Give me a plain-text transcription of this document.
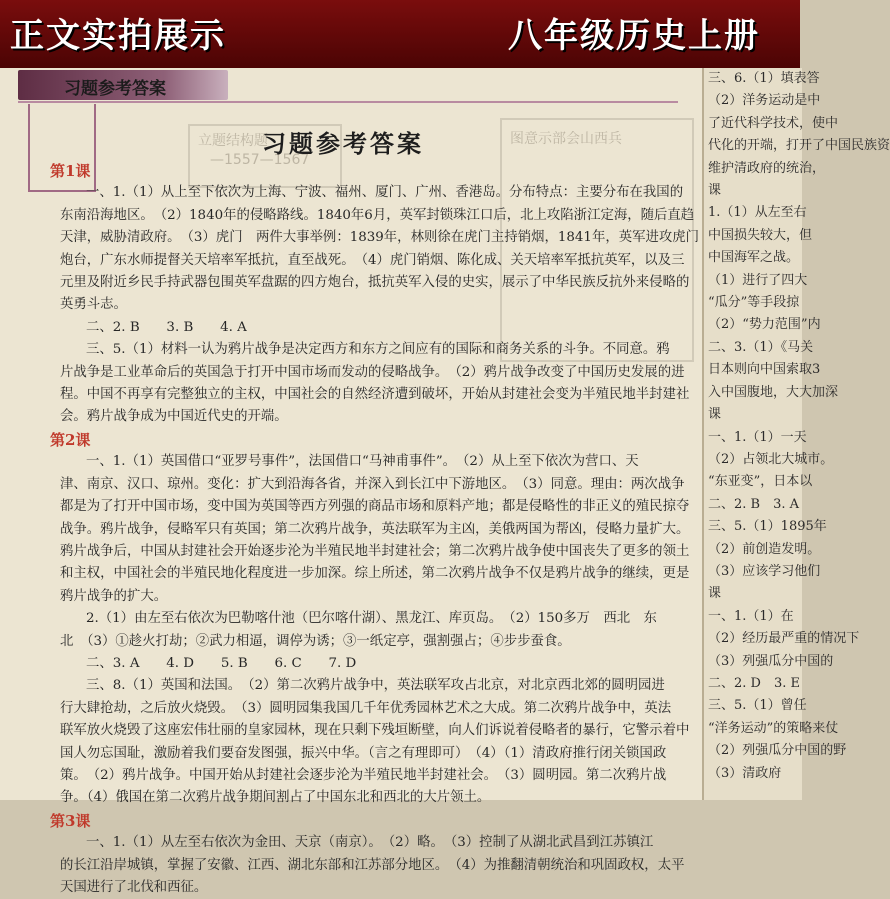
正文实拍展示	八年级历史上册
习题参考答案
立题结构题
—1557—1567
图意示部会山西兵
习题参考答案
第1课
一、1.（1）从上至下依次为上海、宁波、福州、厦门、广州、香港岛。分布特点：主要分布在我国的
东南沿海地区。　（2）1840年的侵略路线。1840年6月，英军封锁珠江口后，北上攻陷浙江定海，随后直趋
天津，威胁清政府。　（3）虎门　两件大事举例：1839年，林则徐在虎门主持销烟，1841年，英军进攻虎门
炮台，广东水师提督关天培率军抵抗，直至战死。　（4）虎门销烟、陈化成、关天培率军抵抗英军，以及三
元里及附近乡民手持武器包围英军盘踞的四方炮台，抵抗英军入侵的史实，展示了中华民族反抗外来侵略的
英勇斗志。
二、2. B　　3. B　　4. A
三、5.（1）材料一认为鸦片战争是决定西方和东方之间应有的国际和商务关系的斗争。不同意。鸦
片战争是工业革命后的英国急于打开中国市场而发动的侵略战争。　（2）鸦片战争改变了中国历史发展的进
程。中国不再享有完整独立的主权，中国社会的自然经济遭到破坏，开始从封建社会变为半殖民地半封建社
会。鸦片战争成为中国近代史的开端。
第2课
一、1.（1）英国借口“亚罗号事件”，法国借口“马神甫事件”。　（2）从上至下依次为营口、天
津、南京、汉口、琼州。变化：扩大到沿海各省，并深入到长江中下游地区。　（3）同意。理由：两次战争
都是为了打开中国市场，变中国为英国等西方列强的商品市场和原料产地；都是侵略性的非正义的殖民掠夺
战争。鸦片战争，侵略军只有英国；第二次鸦片战争，英法联军为主凶，美俄两国为帮凶，侵略力量扩大。
鸦片战争后，中国从封建社会开始逐步沦为半殖民地半封建社会；第二次鸦片战争使中国丧失了更多的领土
和主权，中国社会的半殖民地化程度进一步加深。综上所述，第二次鸦片战争不仅是鸦片战争的继续，更是
鸦片战争的扩大。
2.（1）由左至右依次为巴勒喀什池（巴尔喀什湖）、黑龙江、库页岛。　（2）150多万　西北　东
北　（3）①趁火打劫；②武力相逼，调停为诱；③一纸定亭，强割强占；④步步蚕食。
二、3. A　　4. D　　5. B　　6. C　　7. D
三、8.（1）英国和法国。　（2）第二次鸦片战争中，英法联军攻占北京，对北京西北郊的圆明园进
行大肆抢劫，之后放火烧毁。　（3）圆明园集我国几千年优秀园林艺术之大成。第二次鸦片战争中，英法
联军放火烧毁了这座宏伟壮丽的皇家园林，现在只剩下残垣断壁，向人们诉说着侵略者的暴行，它警示着中
国人勿忘国耻，激励着我们要奋发图强，振兴中华。（言之有理即可）　（4）（1）清政府推行闭关锁国政
策。　（2）鸦片战争。中国开始从封建社会逐步沦为半殖民地半封建社会。　（3）圆明园。第二次鸦片战
争。（4）俄国在第二次鸦片战争期间割占了中国东北和西北的大片领土。
第3课
一、1.（1）从左至右依次为金田、天京（南京）。　（2）略。　（3）控制了从湖北武昌到江苏镇江
的长江沿岸城镇，掌握了安徽、江西、湖北东部和江苏部分地区。　（4）为推翻清朝统治和巩固政权，太平
天国进行了北伐和西征。
三、6.（1）填表答
（2）洋务运动是中
了近代科学技术，使中
代化的开端，打开了中国民族资
维护清政府的统治，
课
1.（1）从左至右
中国损失较大，但
中国海军之战。
（1）进行了四大
“瓜分”等手段掠
（2）“势力范围”内
二、3.（1）《马关
日本则向中国索取3
入中国腹地，大大加深
课
一、1.（1）一天
（2）占领北大城市。
“东亚变”，日本以
二、2. B　3. A
三、5.（1）1895年
（2）前创造发明。
（3）应该学习他们
课
一、1.（1）在
（2）经历最严重的情况下
（3）列强瓜分中国的
二、2. D　3. E
三、5.（1）曾任
“洋务运动”的策略来仗
（2）列强瓜分中国的野
（3）清政府
